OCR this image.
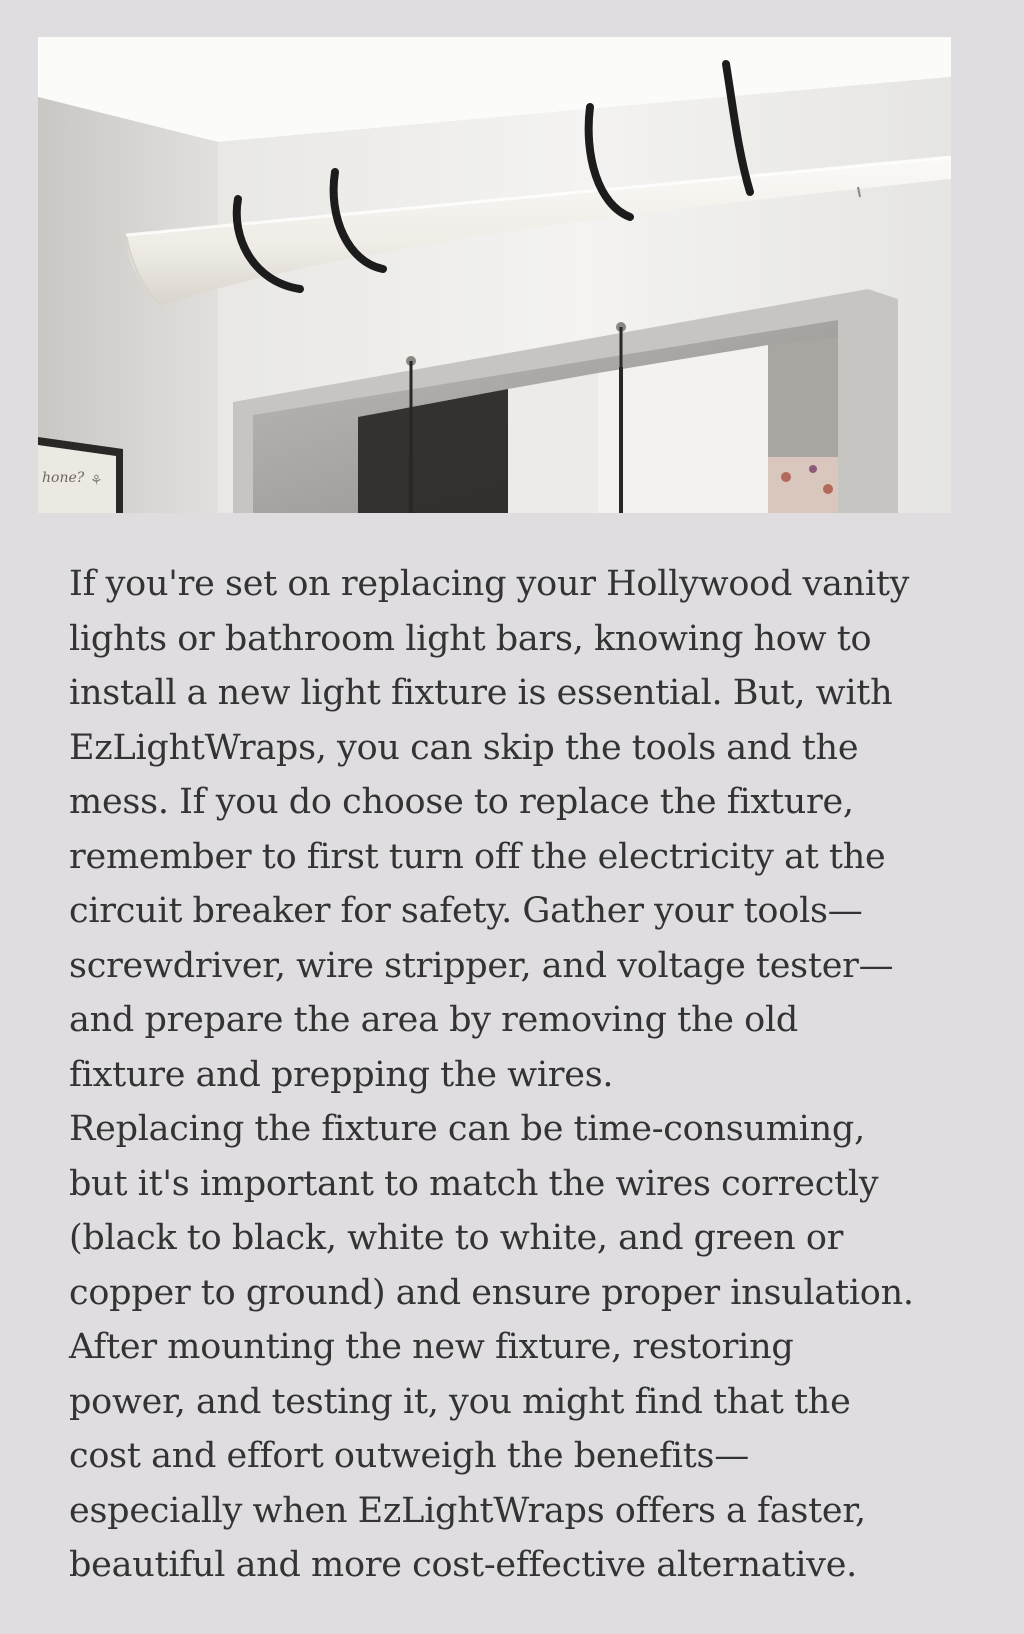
hone? ⚘

If you're set on replacing your Hollywood vanity
lights or bathroom light bars, knowing how to
install a new light fixture is essential. But, with
EzLightWraps, you can skip the tools and the
mess. If you do choose to replace the fixture,
remember to first turn off the electricity at the
circuit breaker for safety. Gather your tools—
screwdriver, wire stripper, and voltage tester—
and prepare the area by removing the old
fixture and prepping the wires.

Replacing the fixture can be time-consuming,
but it's important to match the wires correctly
(black to black, white to white, and green or
copper to ground) and ensure proper insulation.
After mounting the new fixture, restoring
power, and testing it, you might find that the
cost and effort outweigh the benefits—
especially when EzLightWraps offers a faster,
beautiful and more cost-effective alternative.
